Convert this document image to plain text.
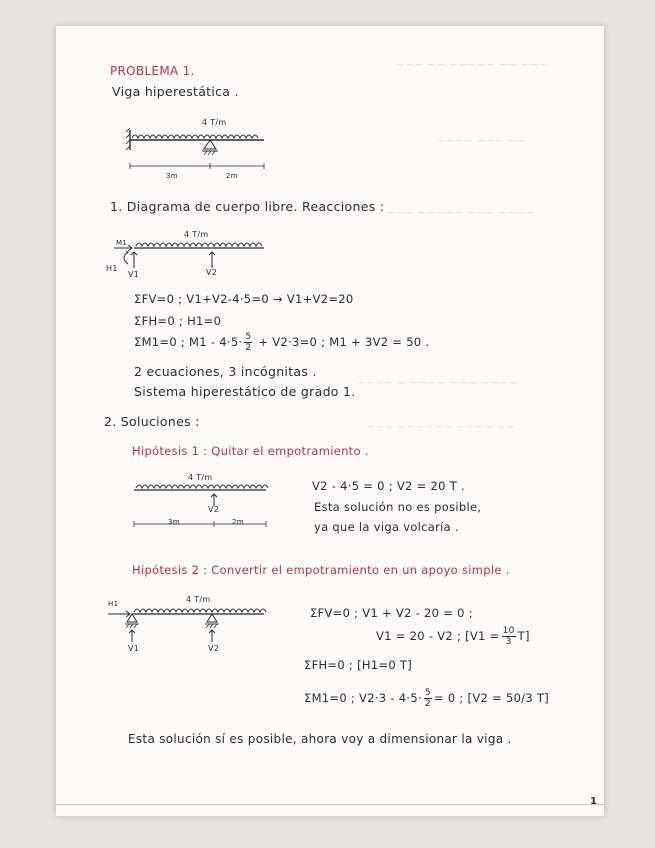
~~~ ~~ ~~~~~ ~~ ~~~
~~~~ ~~~ ~~
~~~ ~~~~~ ~~~ ~~~~
~~~~ ~ ~~~~ ~~~ ~~~~
~~~ ~~~~~~ ~~~~ ~~
PROBLEMA 1.
Viga hiperestática .
4 T/m
3m	2m
1. Diagrama de cuerpo libre. Reacciones :
4 T/m
M1
H1
V1	V2
ΣFV=0 ; V1+V2-4·5=0 → V1+V2=20
ΣFH=0 ; H1=0
ΣM1=0 ; $M1 - 4\cdot 5\cdot \frac{5}{2} + V2\cdot 3=0$ ; M1 + 3V2 = 50 .
2 ecuaciones, 3 incógnitas .
Sistema hiperestático de grado 1.
2. Soluciones :
Hipótesis 1 : Quitar el empotramiento .
4 T/m
V2
3m	2m
V2 - 4·5 = 0 ; V2 = 20 T .
Esta solución no es posible,
ya que la viga volcaría .
Hipótesis 2 : Convertir el empotramiento en un apoyo simple .
4 T/m
H1
V1	V2
ΣFV=0 ; V1 + V2 - 20 = 0 ;
V1 = 20 - V2 ; $[V1 = \frac{10}{3} T]$
ΣFH=0 ; [H1=0 T]
ΣM1=0 ; $V2\cdot 3 - 4\cdot 5\cdot \frac{5}{2} = 0$ ; [V2 = 50/3 T]
Esta solución sí es posible, ahora voy a dimensionar la viga .
1
